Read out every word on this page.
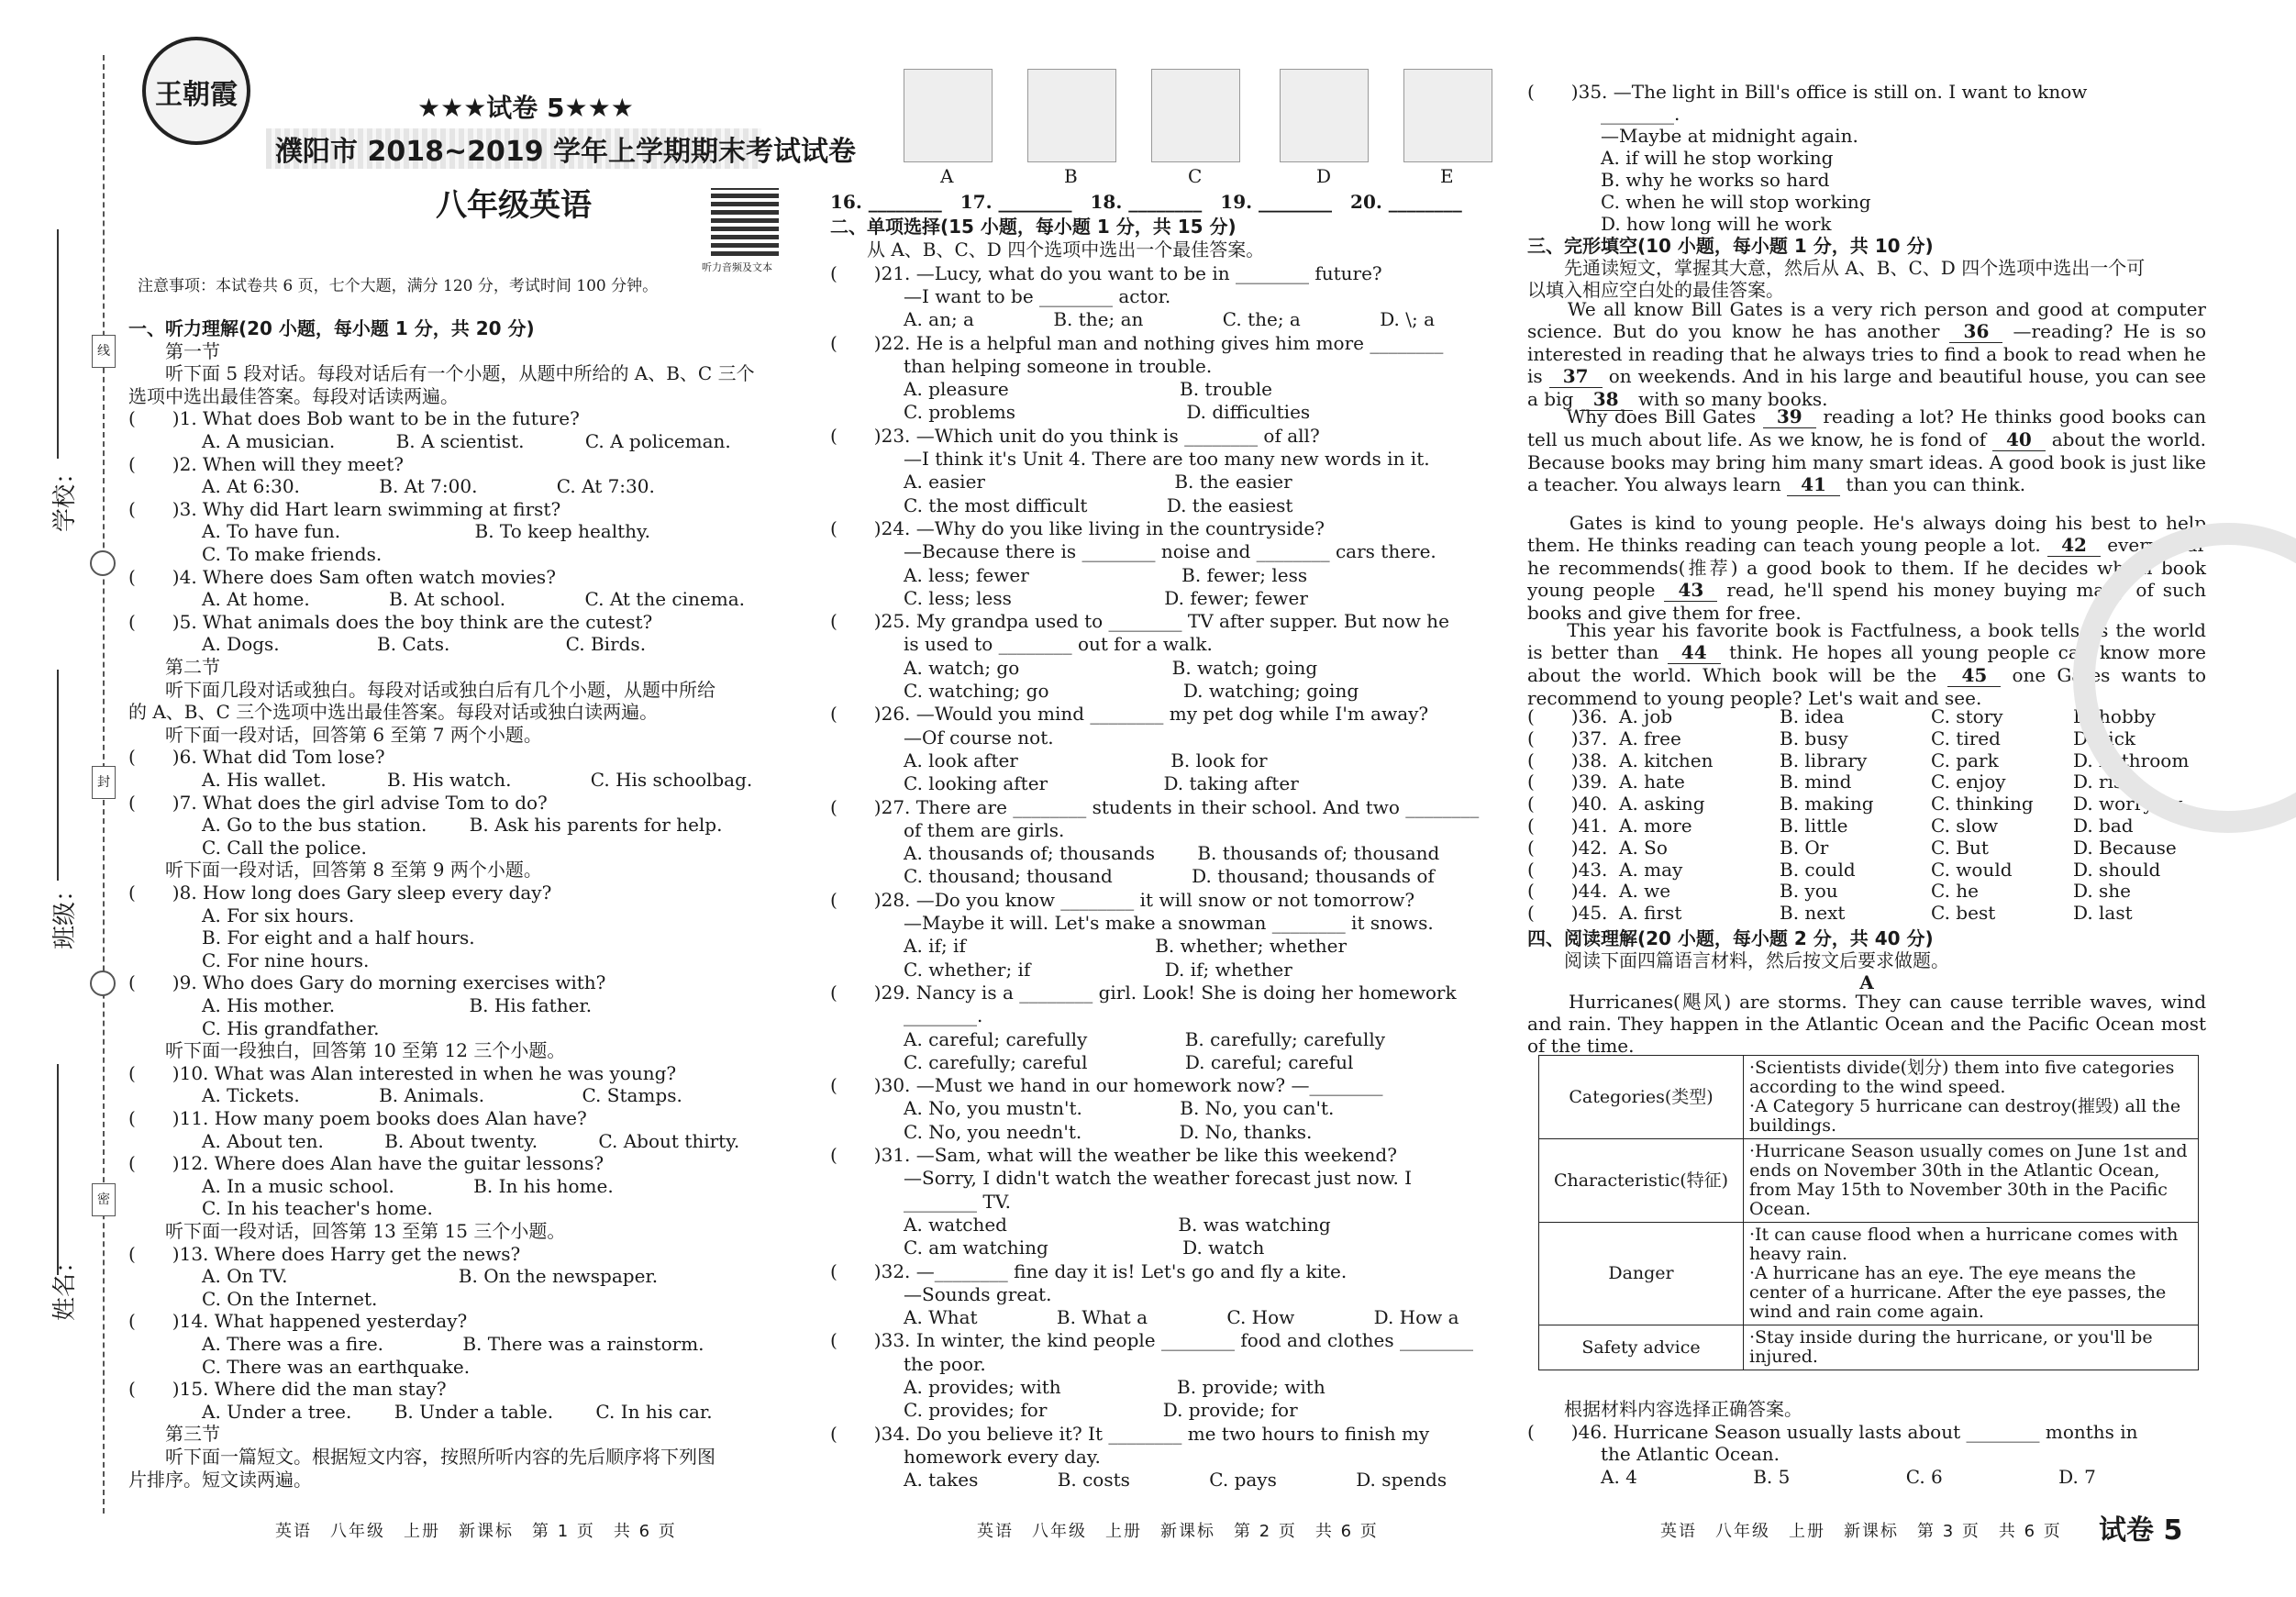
学校：
班级：
姓名：
线
封
密
王朝霞	★★★试卷 5★★★
濮阳市 2018~2019 学年上学期期末考试试卷
八年级英语
听力音频及文本
注意事项：本试卷共 6 页，七个大题，满分 120 分，考试时间 100 分钟。
一、听力理解(20 小题，每小题 1 分，共 20 分)
　　第一节
　　听下面 5 段对话。每段对话后有一个小题，从题中所给的 A、B、C 三个
选项中选出最佳答案。每段对话读两遍。
(　　)1. What does Bob want to be in the future?
　　　　A. A musician.　　　 B. A scientist.　　　 C. A policeman.
(　　)2. When will they meet?
　　　　A. At 6:30.　　　　 B. At 7:00.　　　　 C. At 7:30.
(　　)3. Why did Hart learn swimming at first?
　　　　A. To have fun.　　　　　　　 B. To keep healthy.
　　　　C. To make friends.
(　　)4. Where does Sam often watch movies?
　　　　A. At home.　　　　 B. At school.　　　　 C. At the cinema.
(　　)5. What animals does the boy think are the cutest?
　　　　A. Dogs.　　　　　 B. Cats.　　　　　　 C. Birds.
　　第二节
　　听下面几段对话或独白。每段对话或独白后有几个小题，从题中所给
的 A、B、C 三个选项中选出最佳答案。每段对话或独白读两遍。
　　听下面一段对话，回答第 6 至第 7 两个小题。
(　　)6. What did Tom lose?
　　　　A. His wallet.　　　 B. His watch.　　　　 C. His schoolbag.
(　　)7. What does the girl advise Tom to do?
　　　　A. Go to the bus station.　　 B. Ask his parents for help.
　　　　C. Call the police.
　　听下面一段对话，回答第 8 至第 9 两个小题。
(　　)8. How long does Gary sleep every day?
　　　　A. For six hours.
　　　　B. For eight and a half hours.
　　　　C. For nine hours.
(　　)9. Who does Gary do morning exercises with?
　　　　A. His mother.　　　　　　　 B. His father.
　　　　C. His grandfather.
　　听下面一段独白，回答第 10 至第 12 三个小题。
(　　)10. What was Alan interested in when he was young?
　　　　A. Tickets.　　　　 B. Animals.　　　　　 C. Stamps.
(　　)11. How many poem books does Alan have?
　　　　A. About ten.　　　 B. About twenty.　　　 C. About thirty.
(　　)12. Where does Alan have the guitar lessons?
　　　　A. In a music school.　　　　 B. In his home.
　　　　C. In his teacher's home.
　　听下面一段对话，回答第 13 至第 15 三个小题。
(　　)13. Where does Harry get the news?
　　　　A. On TV.　　　　　　　　　 B. On the newspaper.
　　　　C. On the Internet.
(　　)14. What happened yesterday?
　　　　A. There was a fire.　　　　 B. There was a rainstorm.
　　　　C. There was an earthquake.
(　　)15. Where did the man stay?
　　　　A. Under a tree.　　 B. Under a table.　　 C. In his car.
　　第三节
　　听下面一篇短文。根据短文内容，按照所听内容的先后顺序将下列图
片排序。短文读两遍。
A	B	C	D	E
16. ________　17. ________　18. ________　19. ________　20. ________
二、单项选择(15 小题，每小题 1 分，共 15 分)
　　从 A、B、C、D 四个选项中选出一个最佳答案。
(　　)21. —Lucy, what do you want to be in ________ future?
　　　　—I want to be ________ actor.
　　　　A. an; a　　　　 B. the; an　　　　 C. the; a　　　　 D. \; a
(　　)22. He is a helpful man and nothing gives him more ________
　　　　than helping someone in trouble.
　　　　A. pleasure　　　　　　　　　 B. trouble
　　　　C. problems　　　　　　　　　 D. difficulties
(　　)23. —Which unit do you think is ________ of all?
　　　　—I think it's Unit 4. There are too many new words in it.
　　　　A. easier　　　　　　　　　　 B. the easier
　　　　C. the most difficult　　　　 D. the easiest
(　　)24. —Why do you like living in the countryside?
　　　　—Because there is ________ noise and ________ cars there.
　　　　A. less; fewer　　　　　　　　 B. fewer; less
　　　　C. less; less　　　　　　　　 D. fewer; fewer
(　　)25. My grandpa used to ________ TV after supper. But now he
　　　　is used to ________ out for a walk.
　　　　A. watch; go　　　　　　　　 B. watch; going
　　　　C. watching; go　　　　　　　 D. watching; going
(　　)26. —Would you mind ________ my pet dog while I'm away?
　　　　—Of course not.
　　　　A. look after　　　　　　　　 B. look for
　　　　C. looking after　　　　　　 D. taking after
(　　)27. There are ________ students in their school. And two ________
　　　　of them are girls.
　　　　A. thousands of; thousands　　 B. thousands of; thousand
　　　　C. thousand; thousand　　　　 D. thousand; thousands of
(　　)28. —Do you know ________ it will snow or not tomorrow?
　　　　—Maybe it will. Let's make a snowman ________ it snows.
　　　　A. if; if　　　　　　　　　　 B. whether; whether
　　　　C. whether; if　　　　　　　 D. if; whether
(　　)29. Nancy is a ________ girl. Look! She is doing her homework
　　　　________.
　　　　A. careful; carefully　　　　　 B. carefully; carefully
　　　　C. carefully; careful　　　　　 D. careful; careful
(　　)30. —Must we hand in our homework now? —________
　　　　A. No, you mustn't.　　　　　 B. No, you can't.
　　　　C. No, you needn't.　　　　　 D. No, thanks.
(　　)31. —Sam, what will the weather be like this weekend?
　　　　—Sorry, I didn't watch the weather forecast just now. I
　　　　________ TV.
　　　　A. watched　　　　　　　　　 B. was watching
　　　　C. am watching　　　　　　　 D. watch
(　　)32. —________ fine day it is! Let's go and fly a kite.
　　　　—Sounds great.
　　　　A. What　　　　 B. What a　　　　 C. How　　　　 D. How a
(　　)33. In winter, the kind people ________ food and clothes ________
　　　　the poor.
　　　　A. provides; with　　　　　　 B. provide; with
　　　　C. provides; for　　　　　　 D. provide; for
(　　)34. Do you believe it? It ________ me two hours to finish my
　　　　homework every day.
　　　　A. takes　　　　 B. costs　　　　 C. pays　　　　 D. spends
(　　)35. —The light in Bill's office is still on. I want to know
　　　　________.
　　　　—Maybe at midnight again.
　　　　A. if will he stop working
　　　　B. why he works so hard
　　　　C. when he will stop working
　　　　D. how long will he work
三、完形填空(10 小题，每小题 1 分，共 10 分)
　　先通读短文，掌握其大意，然后从 A、B、C、D 四个选项中选出一个可
以填入相应空白处的最佳答案。
　　We all know Bill Gates is a very rich person and good at computer science. But do you know he has another 36 —reading? He is so interested in reading that he always tries to find a book to read when he is 37 on weekends. And in his large and beautiful house, you can see a big 38 with so many books.
　　Why does Bill Gates 39 reading a lot? He thinks good books can tell us much about life. As we know, he is fond of 40 about the world. Because books may bring him many smart ideas. A good book is just like a teacher. You always learn 41 than you can think.
　　Gates is kind to young people. He's always doing his best to help them. He thinks reading can teach young people a lot. 42 every year he recommends(推荐) a good book to them. If he decides which book young people 43 read, he'll spend his money buying many of such books and give them for free.
　　This year his favorite book is Factfulness, a book tells us the world is better than 44 think. He hopes all young people can know more about the world. Which book will be the 45 one Gates wants to recommend to young people? Let's wait and see.
(　　)36. A. job	B. idea	C. story	D. hobby
(　　)37. A. free	B. busy	C. tired	D. sick
(　　)38. A. kitchen	B. library	C. park	D. bathroom
(　　)39. A. hate	B. mind	C. enjoy	D. risk
(　　)40. A. asking	B. making	C. thinking D. worrying
(　　)41. A. more	B. little	C. slow	D. bad
(　　)42. A. So	B. Or	C. But	D. Because
(　　)43. A. may	B. could	C. would	D. should
(　　)44. A. we	B. you	C. he	D. she
(　　)45. A. first	B. next	C. best	D. last
四、阅读理解(20 小题，每小题 2 分，共 40 分)
　　阅读下面四篇语言材料，然后按文后要求做题。
A
　　Hurricanes(飓风) are storms. They can cause terrible waves, wind and rain. They happen in the Atlantic Ocean and the Pacific Ocean most of the time.
　　根据材料内容选择正确答案。
(　　)46. Hurricane Season usually lasts about ________ months in
　　　　the Atlantic Ocean.
　　　　A. 4　　　　　　 B. 5　　　　　　 C. 6　　　　　　 D. 7
Categories(类型)	·Scientists divide(划分) them into five categories according to the wind speed.
·A Category 5 hurricane can destroy(摧毁) all the buildings.

Characteristic(特征)	·Hurricane Season usually comes on June 1st and ends on November 30th in the Atlantic Ocean, from May 15th to November 30th in the Pacific Ocean.

Danger	·It can cause flood when a hurricane comes with heavy rain.
·A hurricane has an eye. The eye means the center of a hurricane. After the eye passes, the wind and rain come again.

Safety advice	·Stay inside during the hurricane, or you'll be injured.
英语　八年级　上册　新课标　第 1 页　共 6 页	英语　八年级　上册　新课标　第 2 页　共 6 页	英语　八年级　上册　新课标　第 3 页　共 6 页 试卷 5
